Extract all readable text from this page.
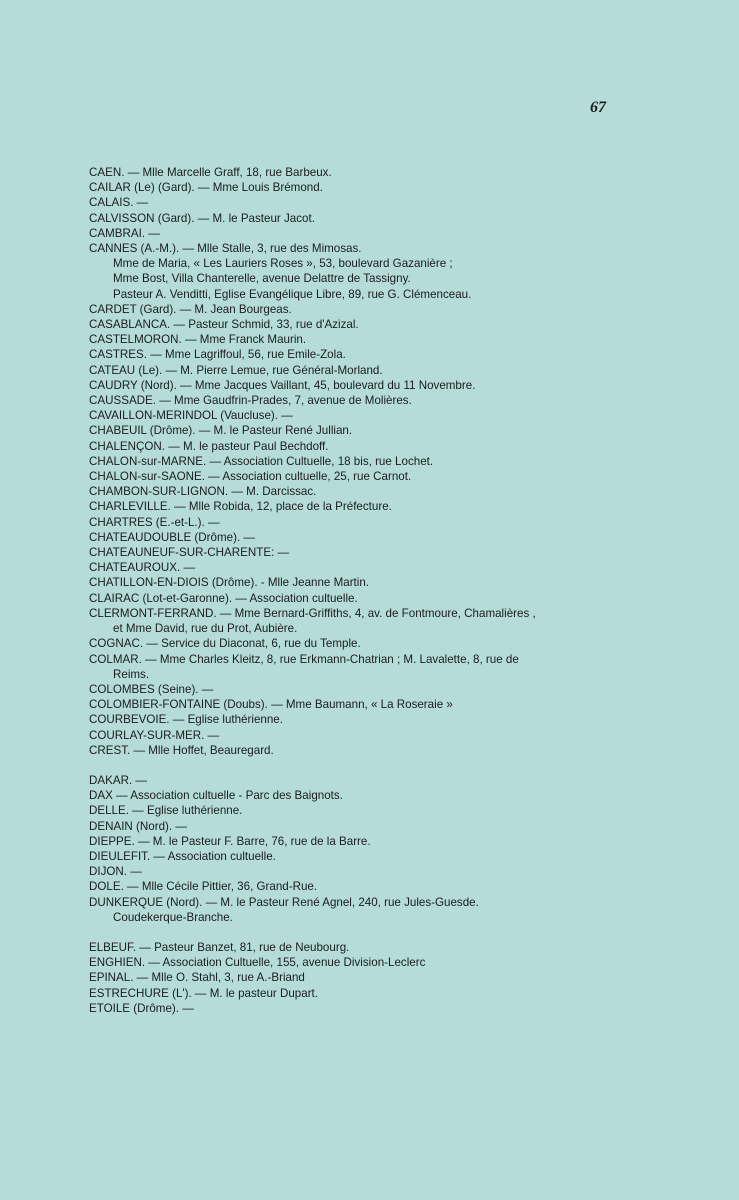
67
CAEN. — Mlle Marcelle Graff, 18, rue Barbeux.
CAILAR (Le) (Gard). — Mme Louis Brémond.
CALAIS. —
CALVISSON (Gard). — M. le Pasteur Jacot.
CAMBRAI. —
CANNES (A.-M.). — Mlle Stalle, 3, rue des Mimosas.
Mme de Maria, « Les Lauriers Roses », 53, boulevard Gazanière ;
Mme Bost, Villa Chanterelle, avenue Delattre de Tassigny.
Pasteur A. Venditti, Eglise Evangélique Libre, 89, rue G. Clémenceau.
CARDET (Gard). — M. Jean Bourgeas.
CASABLANCA. — Pasteur Schmid, 33, rue d'Azizal.
CASTELMORON. — Mme Franck Maurin.
CASTRES. — Mme Lagriffoul, 56, rue Emile-Zola.
CATEAU (Le). — M. Pierre Lemue, rue Général-Morland.
CAUDRY (Nord). — Mme Jacques Vaillant, 45, boulevard du 11 Novembre.
CAUSSADE. — Mme Gaudfrin-Prades, 7, avenue de Molières.
CAVAILLON-MERINDOL (Vaucluse). —
CHABEUIL (Drôme). — M. le Pasteur René Jullian.
CHALENÇON. — M. le pasteur Paul Bechdoff.
CHALON-sur-MARNE. — Association Cultuelle, 18 bis, rue Lochet.
CHALON-sur-SAONE. — Association cultuelle, 25, rue Carnot.
CHAMBON-SUR-LIGNON. — M. Darcissac.
CHARLEVILLE. — Mlle Robida, 12, place de la Préfecture.
CHARTRES (E.-et-L.). —
CHATEAUDOUBLE (Drôme). —
CHATEAUNEUF-SUR-CHARENTE: —
CHATEAUROUX. —
CHATILLON-EN-DIOIS (Drôme). - Mlle Jeanne Martin.
CLAIRAC (Lot-et-Garonne). — Association cultuelle.
CLERMONT-FERRAND. — Mme Bernard-Griffiths, 4, av. de Fontmoure, Chamalières ,
et Mme David, rue du Prot, Aubière.
COGNAC. — Service du Diaconat, 6, rue du Temple.
COLMAR. — Mme Charles Kleitz, 8, rue Erkmann-Chatrian ; M. Lavalette, 8, rue de
Reims.
COLOMBES (Seine). —
COLOMBIER-FONTAINE (Doubs). — Mme Baumann, « La Roseraie »
COURBEVOIE. — Eglise luthérienne.
COURLAY-SUR-MER. —
CREST. — Mlle Hoffet, Beauregard.
DAKAR. —
DAX — Association cultuelle - Parc des Baignots.
DELLE. — Eglise luthérienne.
DENAIN (Nord). —
DIEPPE. — M. le Pasteur F. Barre, 76, rue de la Barre.
DIEULEFIT. — Association cultuelle.
DIJON. —
DOLE. — Mlle Cécile Pittier, 36, Grand-Rue.
DUNKERQUE (Nord). — M. le Pasteur René Agnel, 240, rue Jules-Guesde.
Coudekerque-Branche.
ELBEUF. — Pasteur Banzet, 81, rue de Neubourg.
ENGHIEN. — Association Cultuelle, 155, avenue Division-Leclerc
EPINAL. — Mlle O. Stahl, 3, rue A.-Briand
ESTRECHURE (L'). — M. le pasteur Dupart.
ETOILE (Drôme). —
